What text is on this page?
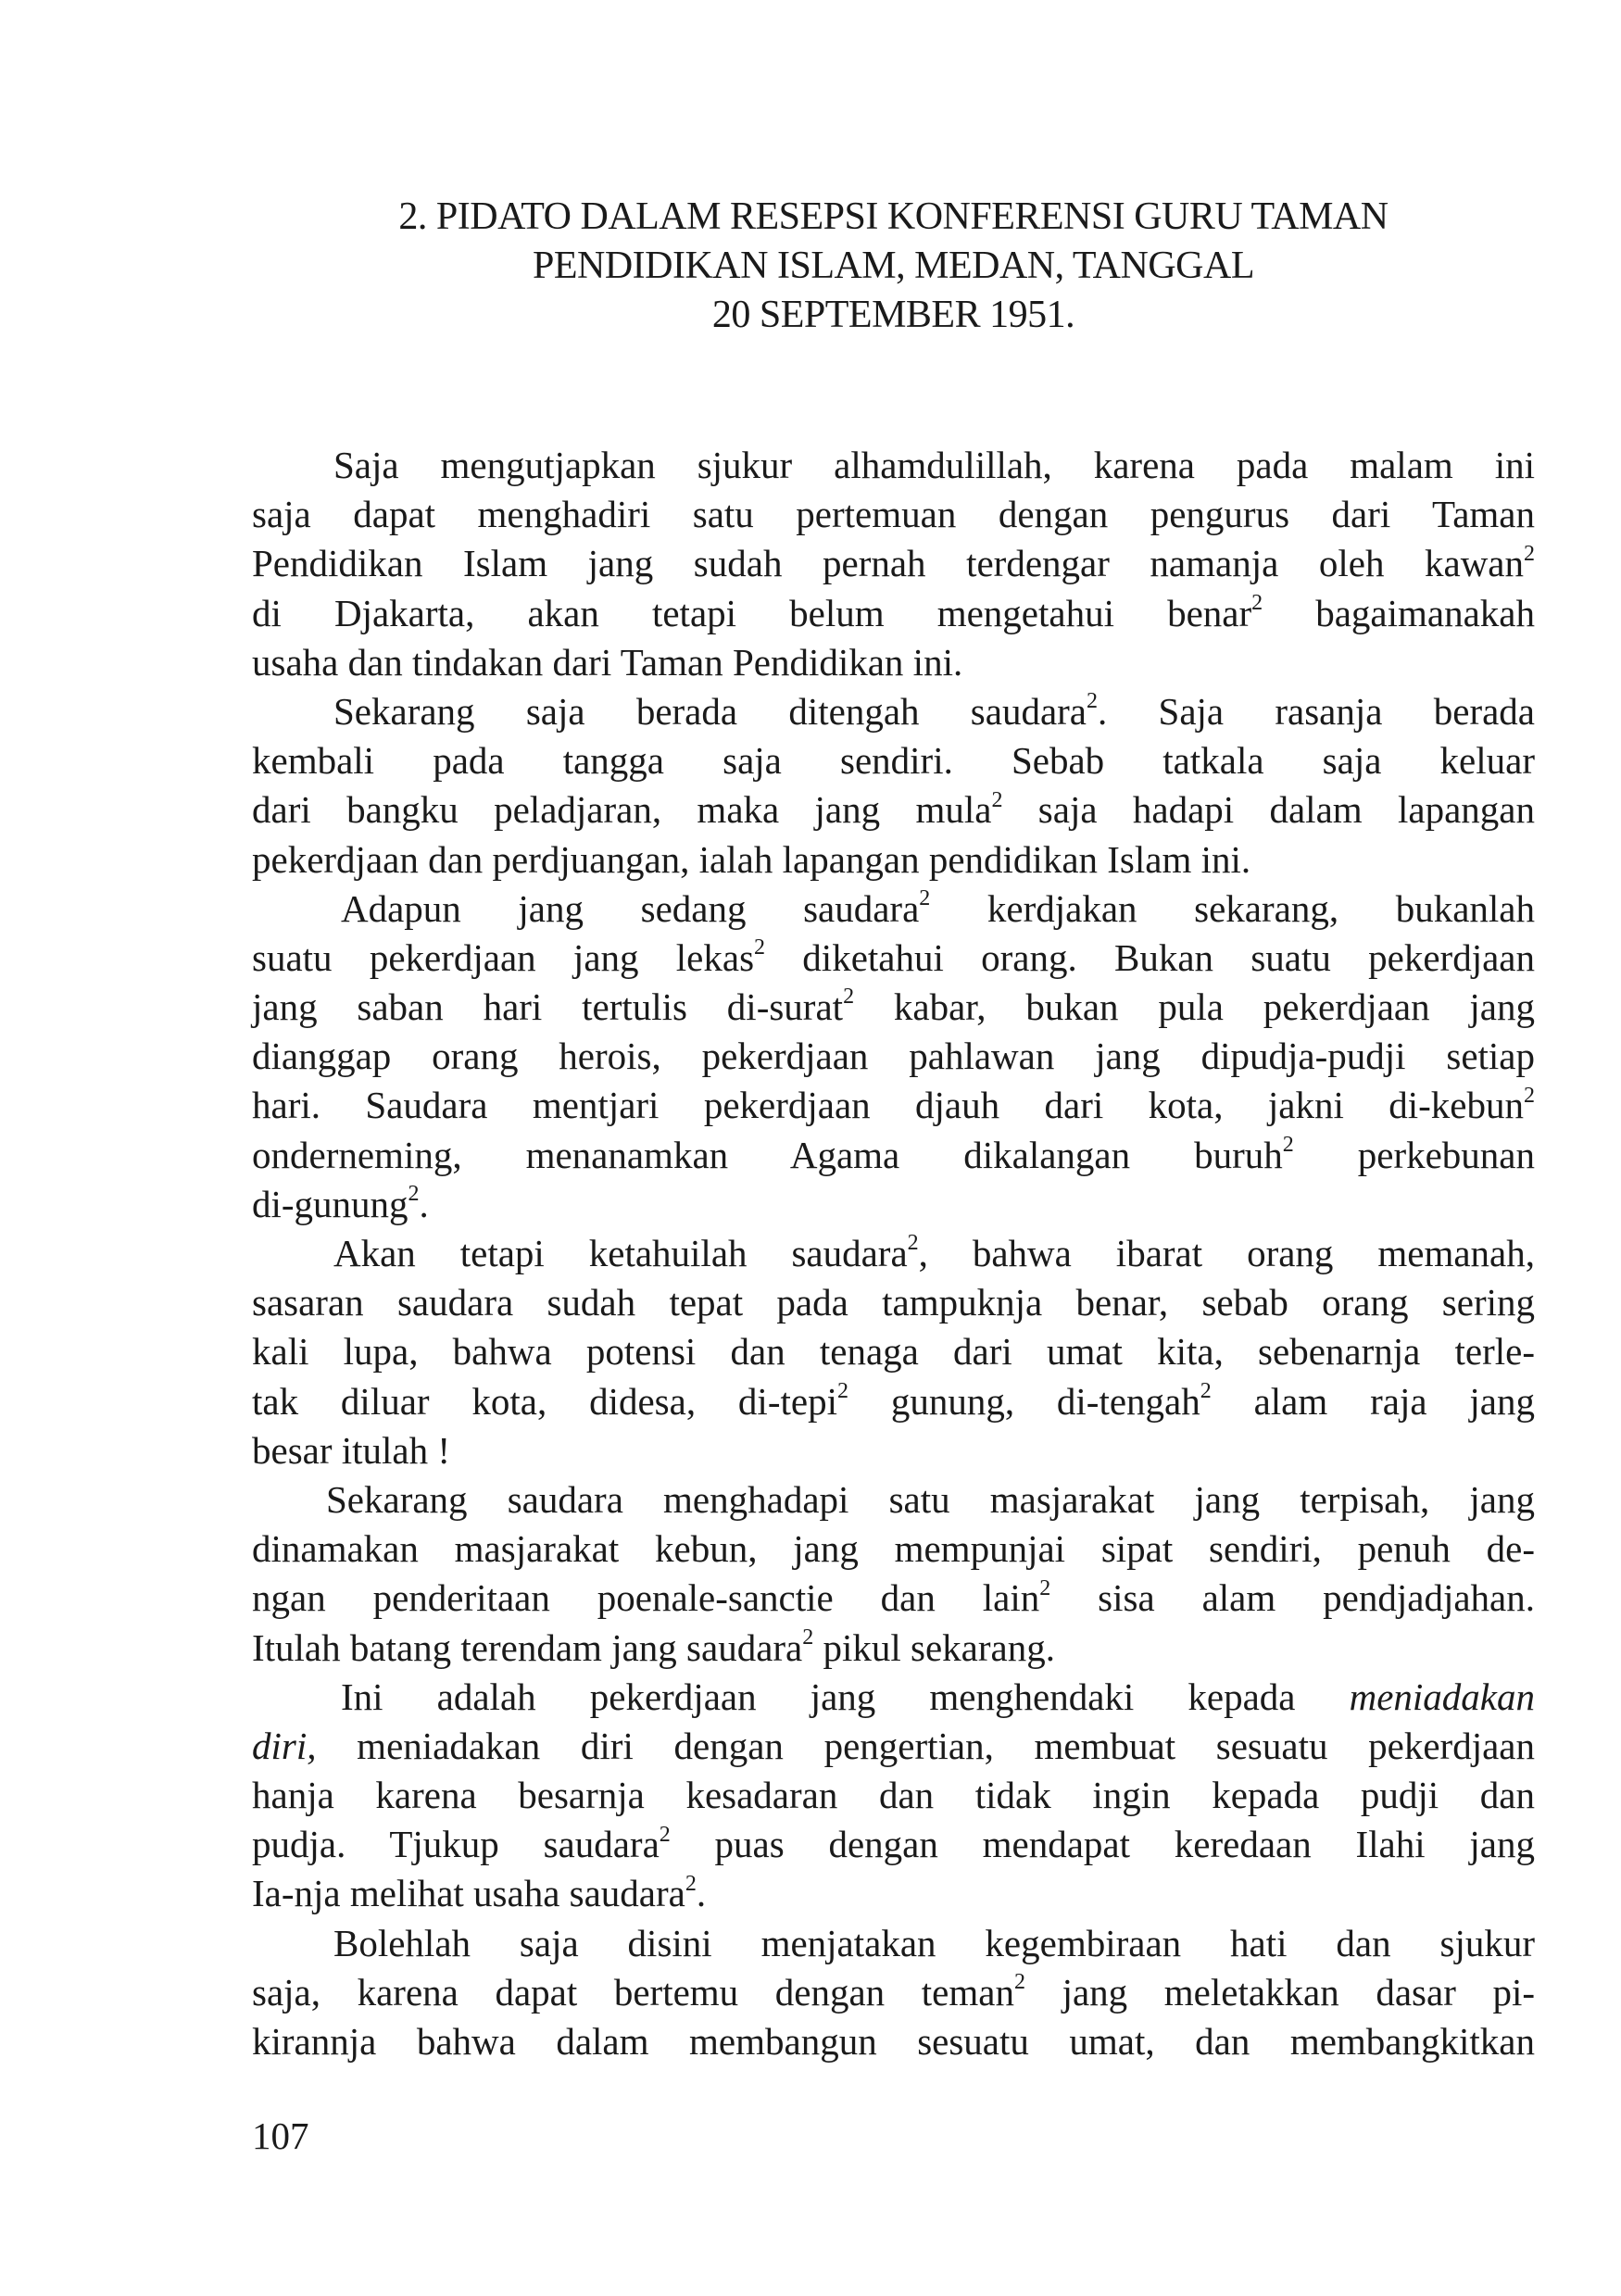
2. PIDATO DALAM RESEPSI KONFERENSI GURU TAMAN
PENDIDIKAN ISLAM, MEDAN, TANGGAL
20 SEPTEMBER 1951.
Saja mengutjapkan sjukur alhamdulillah, karena pada malam ini
saja dapat menghadiri satu pertemuan dengan pengurus dari Taman
Pendidikan Islam jang sudah pernah terdengar namanja oleh kawan$^2$
di Djakarta, akan tetapi belum mengetahui benar$^2$ bagaimanakah
usaha dan tindakan dari Taman Pendidikan ini.
Sekarang saja berada ditengah saudara$^2$. Saja rasanja berada
kembali pada tangga saja sendiri. Sebab tatkala saja keluar
dari bangku peladjaran, maka jang mula$^2$ saja hadapi dalam lapangan
pekerdjaan dan perdjuangan, ialah lapangan pendidikan Islam ini.
Adapun jang sedang saudara$^2$ kerdjakan sekarang, bukanlah
suatu pekerdjaan jang lekas$^2$ diketahui orang. Bukan suatu pekerdjaan
jang saban hari tertulis di-surat$^2$ kabar, bukan pula pekerdjaan jang
dianggap orang herois, pekerdjaan pahlawan jang dipudja-pudji setiap
hari. Saudara mentjari pekerdjaan djauh dari kota, jakni di-kebun$^2$
onderneming, menanamkan Agama dikalangan buruh$^2$ perkebunan
di-gunung$^2$.
Akan tetapi ketahuilah saudara$^2$, bahwa ibarat orang memanah,
sasaran saudara sudah tepat pada tampuknja benar, sebab orang sering
kali lupa, bahwa potensi dan tenaga dari umat kita, sebenarnja terle-
tak diluar kota, didesa, di-tepi$^2$ gunung, di-tengah$^2$ alam raja jang
besar itulah !
Sekarang saudara menghadapi satu masjarakat jang terpisah, jang
dinamakan masjarakat kebun, jang mempunjai sipat sendiri, penuh de-
ngan penderitaan poenale-sanctie dan lain$^2$ sisa alam pendjadjahan.
Itulah batang terendam jang saudara$^2$ pikul sekarang.
Ini adalah pekerdjaan jang menghendaki kepada meniadakan
diri, meniadakan diri dengan pengertian, membuat sesuatu pekerdjaan
hanja karena besarnja kesadaran dan tidak ingin kepada pudji dan
pudja. Tjukup saudara$^2$ puas dengan mendapat keredaan Ilahi jang
Ia-nja melihat usaha saudara$^2$.
Bolehlah saja disini menjatakan kegembiraan hati dan sjukur
saja, karena dapat bertemu dengan teman$^2$ jang meletakkan dasar pi-
kirannja bahwa dalam membangun sesuatu umat, dan membangkitkan
107
